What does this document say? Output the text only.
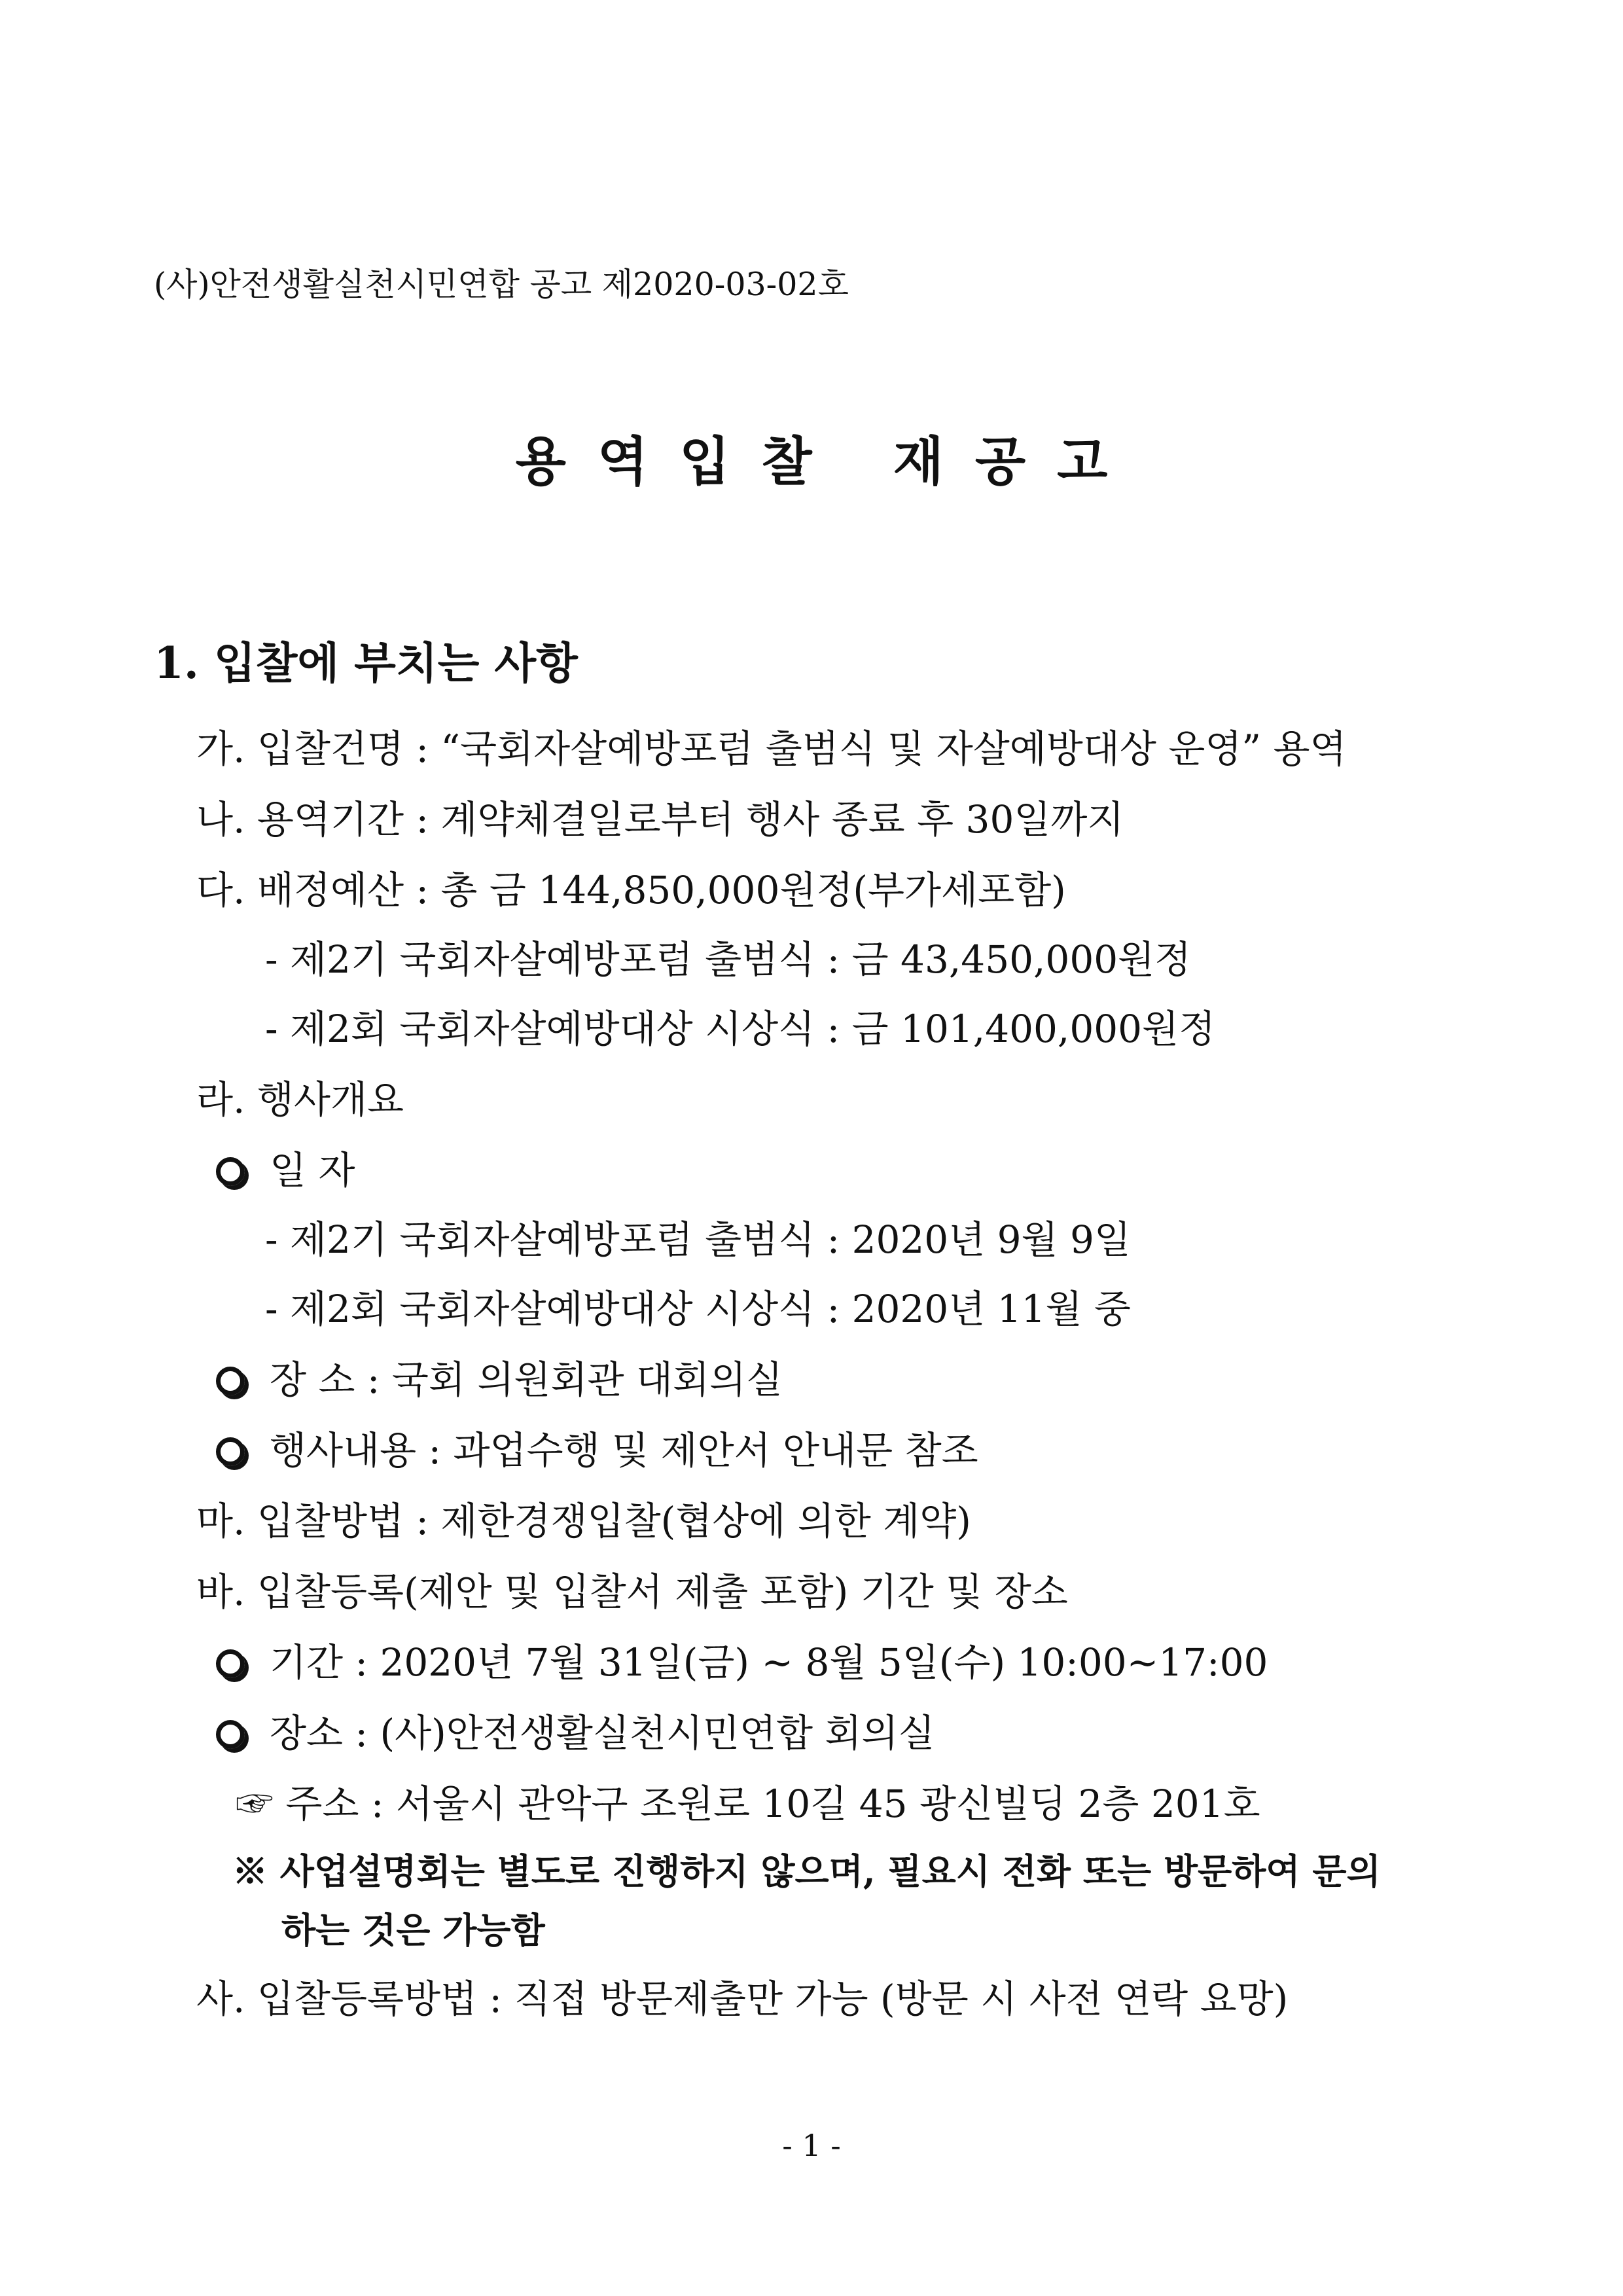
(사)안전생활실천시민연합 공고 제2020-03-02호
용역입찰 재공고
1. 입찰에 부치는 사항
가. 입찰건명 : “국회자살예방포럼 출범식 및 자살예방대상 운영” 용역
나. 용역기간 : 계약체결일로부터 행사 종료 후 30일까지
다. 배정예산 : 총 금 144,850,000원정(부가세포함)
- 제2기 국회자살예방포럼 출범식 : 금 43,450,000원정
- 제2회 국회자살예방대상 시상식 : 금 101,400,000원정
라. 행사개요
일 자
- 제2기 국회자살예방포럼 출범식 : 2020년 9월 9일
- 제2회 국회자살예방대상 시상식 : 2020년 11월 중
장 소 : 국회 의원회관 대회의실
행사내용 : 과업수행 및 제안서 안내문 참조
마. 입찰방법 : 제한경쟁입찰(협상에 의한 계약)
바. 입찰등록(제안 및 입찰서 제출 포함) 기간 및 장소
기간 : 2020년 7월 31일(금) ~ 8월 5일(수) 10:00~17:00
장소 : (사)안전생활실천시민연합 회의실
☞ 주소 : 서울시 관악구 조원로 10길 45 광신빌딩 2층 201호
※ 사업설명회는 별도로 진행하지 않으며, 필요시 전화 또는 방문하여 문의
하는 것은 가능함
사. 입찰등록방법 : 직접 방문제출만 가능 (방문 시 사전 연락 요망)
- 1 -
